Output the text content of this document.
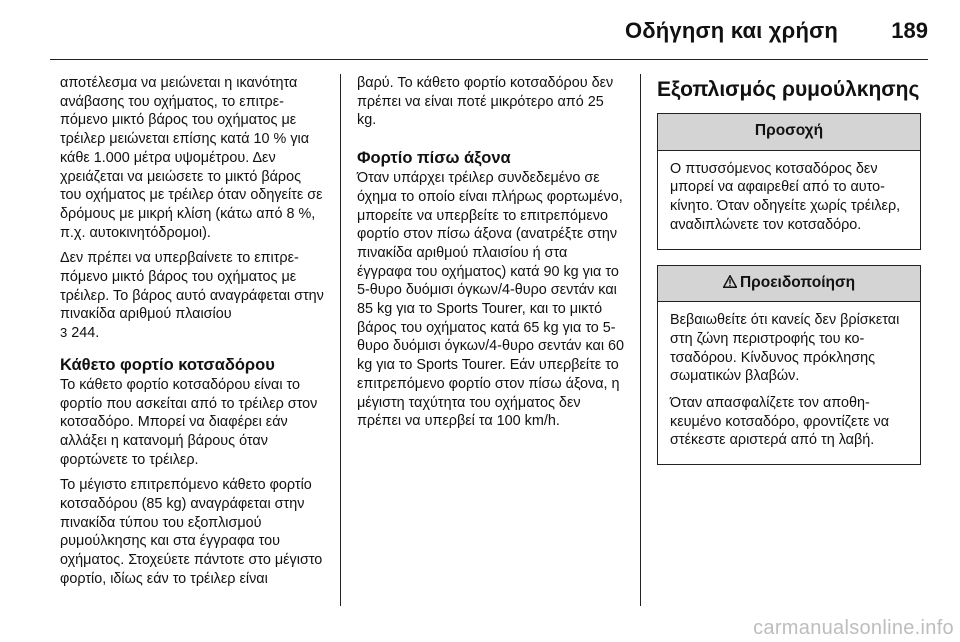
Οδήγηση και χρήση 189

αποτέλεσμα να μειώνεται η ικανότητα ανάβασης του οχήματος, το επιτρεπόμενο μικτό βάρος του οχήματος με τρέιλερ μειώνεται επίσης κατά 10 % για κάθε 1.000 μέτρα υψομέτρου. Δεν χρειάζεται να μειώσετε το μικτό βάρος του οχήματος με τρέιλερ όταν οδηγείτε σε δρόμους με μικρή κλίση (κάτω από 8 %, π.χ. αυτοκινητόδρομοι).

Δεν πρέπει να υπερβαίνετε το επιτρεπόμενο μικτό βάρος του οχήματος με τρέιλερ. Το βάρος αυτό αναγράφεται στην πινακίδα αριθμού πλαισίου
3 244.

Κάθετο φορτίο κοτσαδόρου

Το κάθετο φορτίο κοτσαδόρου είναι το φορτίο που ασκείται από το τρέιλερ στον κοτσαδόρο. Μπορεί να διαφέρει εάν αλλάξει η κατανομή βάρους όταν φορτώνετε το τρέιλερ.

Το μέγιστο επιτρεπόμενο κάθετο φορτίο κοτσαδόρου (85 kg) αναγράφεται στην πινακίδα τύπου του εξοπλισμού ρυμούλκησης και στα έγγραφα του οχήματος. Στοχεύετε πάντοτε στο μέγιστο φορτίο, ιδίως εάν το τρέιλερ είναι

βαρύ. Το κάθετο φορτίο κοτσαδόρου δεν πρέπει να είναι ποτέ μικρότερο από 25 kg.

Φορτίο πίσω άξονα

Όταν υπάρχει τρέιλερ συνδεδεμένο σε όχημα το οποίο είναι πλήρως φορτωμένο, μπορείτε να υπερβείτε το επιτρεπόμενο φορτίο στον πίσω άξονα (ανατρέξτε στην πινακίδα αριθμού πλαισίου ή στα έγγραφα του οχήματος) κατά 90 kg για το 5-θυρο δυόμισι όγκων/4-θυρο σεντάν και 85 kg για το Sports Tourer, και το μικτό βάρος του οχήματος κατά 65 kg για το 5-θυρο δυόμισι όγκων/4-θυρο σεντάν και 60 kg για το Sports Tourer. Εάν υπερβείτε το επιτρεπόμενο φορτίο στον πίσω άξονα, η μέγιστη ταχύτητα του οχήματος δεν πρέπει να υπερβεί τα 100 km/h.

Εξοπλισμός ρυμούλκησης
Προσοχή

Ο πτυσσόμενος κοτσαδόρος δεν μπορεί να αφαιρεθεί από το αυτοκίνητο. Όταν οδηγείτε χωρίς τρέιλερ, αναδιπλώνετε τον κοτσαδόρο.

Προειδοποίηση

Βεβαιωθείτε ότι κανείς δεν βρίσκεται στη ζώνη περιστροφής του κοτσαδόρου. Κίνδυνος πρόκλησης σωματικών βλαβών.

Όταν απασφαλίζετε τον αποθηκευμένο κοτσαδόρο, φροντίζετε να στέκεστε αριστερά από τη λαβή.

carmanualsonline.info
